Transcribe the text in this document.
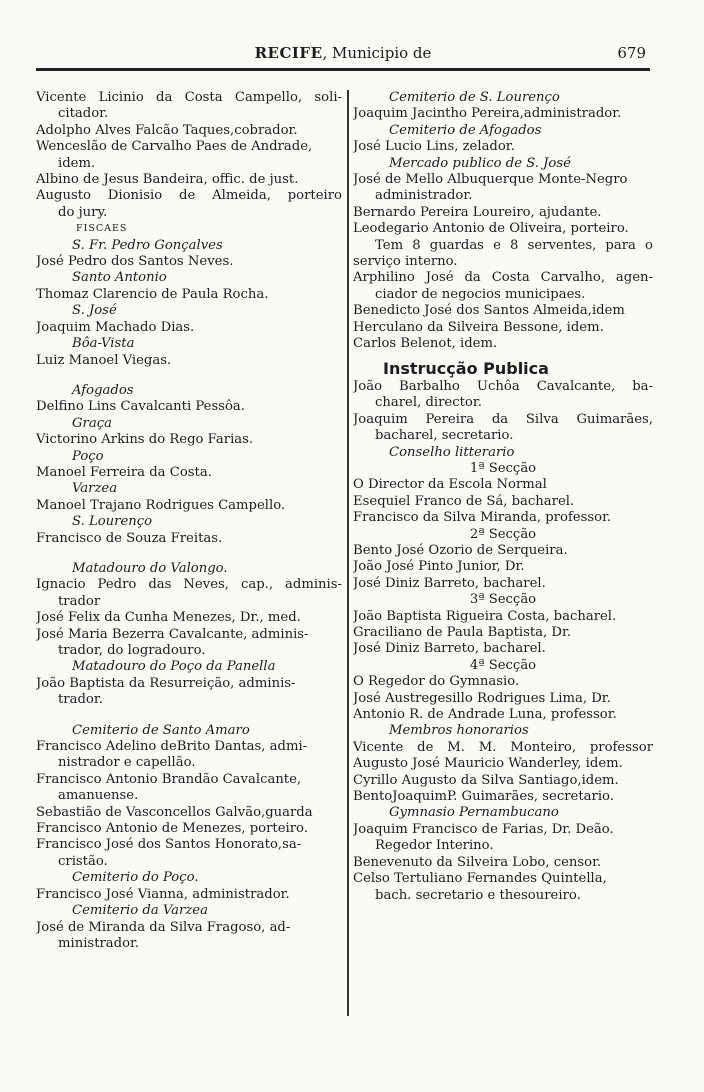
RECIFE, Municipio de	679
Vicente Licinio da Costa Campello, soli-
citador.
Adolpho Alves Falcão Taques,cobrador.
Wenceslão de Carvalho Paes de Andrade,
idem.
Albino de Jesus Bandeira, offic. de just.
Augusto Dionisio de Almeida, porteiro
do jury.
FISCAES
S. Fr. Pedro Gonçalves
José Pedro dos Santos Neves.
Santo Antonio
Thomaz Clarencio de Paula Rocha.
S. José
Joaquim Machado Dias.
Bôa-Vista
Luiz Manoel Viegas.
Afogados
Delfino Lins Cavalcanti Pessôa.
Graça
Victorino Arkins do Rego Farias.
Poço
Manoel Ferreira da Costa.
Varzea
Manoel Trajano Rodrigues Campello.
S. Lourenço
Francisco de Souza Freitas.
Matadouro do Valongo.
Ignacio Pedro das Neves, cap., adminis-
trador
José Felix da Cunha Menezes, Dr., med.
José Maria Bezerra Cavalcante, adminis-
trador, do logradouro.
Matadouro do Poço da Panella
João Baptista da Resurreição, adminis-
trador.
Cemiterio de Santo Amaro
Francisco Adelino deBrito Dantas, admi-
nistrador e capellão.
Francisco Antonio Brandão Cavalcante,
amanuense.
Sebastião de Vasconcellos Galvão,guarda
Francisco Antonio de Menezes, porteiro.
Francisco José dos Santos Honorato,sa-
cristão.
Cemiterio do Poço.
Francisco José Vianna, administrador.
Cemiterio da Varzea
José de Miranda da Silva Fragoso, ad-
ministrador.
Cemiterio de S. Lourenço
Joaquim Jacintho Pereira,administrador.
Cemiterio de Afogados
José Lucio Lins, zelador.
Mercado publico de S. José
José de Mello Albuquerque Monte-Negro
administrador.
Bernardo Pereira Loureiro, ajudante.
Leodegario Antonio de Oliveira, porteiro.
Tem 8 guardas e 8 serventes, para o
serviço interno.
Arphilino José da Costa Carvalho, agen-
ciador de negocios municipaes.
Benedicto José dos Santos Almeida,idem
Herculano da Silveira Bessone, idem.
Carlos Belenot, idem.
Instrucção Publica
João Barbalho Uchôa Cavalcante, ba-
charel, director.
Joaquim Pereira da Silva Guimarães,
bacharel, secretario.
Conselho litterario
1ª Secção
O Director da Escola Normal
Esequiel Franco de Sá, bacharel.
Francisco da Silva Miranda, professor.
2ª Secção
Bento José Ozorio de Serqueira.
João José Pinto Junior, Dr.
José Diniz Barreto, bacharel.
3ª Secção
João Baptista Rigueira Costa, bacharel.
Graciliano de Paula Baptista, Dr.
José Diniz Barreto, bacharel.
4ª Secção
O Regedor do Gymnasio.
José Austregesillo Rodrigues Lima, Dr.
Antonio R. de Andrade Luna, professor.
Membros honorarios
Vicente de M. M. Monteiro, professor
Augusto José Mauricio Wanderley, idem.
Cyrillo Augusto da Silva Santiago,idem.
BentoJoaquimP. Guimarães, secretario.
Gymnasio Pernambucano
Joaquim Francisco de Farias, Dr. Deão.
Regedor Interino.
Benevenuto da Silveira Lobo, censor.
Celso Tertuliano Fernandes Quintella,
bach. secretario e thesoureiro.
